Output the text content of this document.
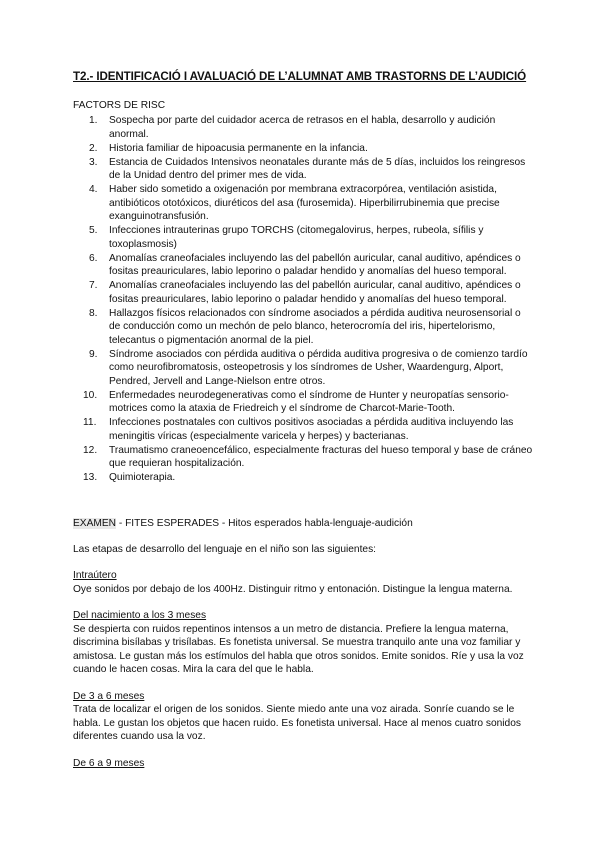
T2.- IDENTIFICACIÓ I AVALUACIÓ DE L’ALUMNAT AMB TRASTORNS DE L’AUDICIÓ
FACTORS DE RISC
1.	Sospecha por parte del cuidador acerca de retrasos en el habla, desarrollo y audición anormal.
2.	Historia familiar de hipoacusia permanente en la infancia.
3.	Estancia de Cuidados Intensivos neonatales durante más de 5 días, incluidos los reingresos de la Unidad dentro del primer mes de vida.
4.	Haber sido sometido a oxigenación por membrana extracorpórea, ventilación asistida, antibióticos ototóxicos, diuréticos del asa (furosemida). Hiperbilirrubinemia que precise exanguinotransfusión.
5.	Infecciones intrauterinas grupo TORCHS (citomegalovirus, herpes, rubeola, sífilis y toxoplasmosis)
6.	Anomalías craneofaciales incluyendo las del pabellón auricular, canal auditivo, apéndices o fositas preauriculares, labio leporino o paladar hendido y anomalías del hueso temporal.
7.	Anomalías craneofaciales incluyendo las del pabellón auricular, canal auditivo, apéndices o fositas preauriculares, labio leporino o paladar hendido y anomalías del hueso temporal.
8.	Hallazgos físicos relacionados con síndrome asociados a pérdida auditiva neurosensorial o de conducción como un mechón de pelo blanco, heterocromía del iris, hipertelorismo, telecantus o pigmentación anormal de la piel.
9.	Síndrome asociados con pérdida auditiva o pérdida auditiva progresiva o de comienzo tardío como neurofibromatosis, osteopetrosis y los síndromes de Usher, Waardengurg, Alport, Pendred, Jervell and Lange-Nielson entre otros.
10.	Enfermedades neurodegenerativas como el síndrome de Hunter y neuropatías sensorio-motrices como la ataxia de Friedreich y el síndrome de Charcot-Marie-Tooth.
11.	Infecciones postnatales con cultivos positivos asociadas a pérdida auditiva incluyendo las meningitis víricas (especialmente varicela y herpes) y bacterianas.
12.	Traumatismo craneoencefálico, especialmente fracturas del hueso temporal y base de cráneo que requieran hospitalización.
13.	Quimioterapia.
EXAMEN - FITES ESPERADES - Hitos esperados habla-lenguaje-audición
Las etapas de desarrollo del lenguaje en el niño son las siguientes:
Intraútero
Oye sonidos por debajo de los 400Hz. Distinguir ritmo y entonación. Distingue la lengua materna.
Del nacimiento a los 3 meses
Se despierta con ruidos repentinos intensos a un metro de distancia. Prefiere la lengua materna, discrimina bisílabas y trisílabas. Es fonetista universal. Se muestra tranquilo ante una voz familiar y amistosa. Le gustan más los estímulos del habla que otros sonidos. Emite sonidos. Ríe y usa la voz cuando le hacen cosas. Mira la cara del que le habla.
De 3 a 6 meses
Trata de localizar el origen de los sonidos. Siente miedo ante una voz airada. Sonríe cuando se le habla. Le gustan los objetos que hacen ruido. Es fonetista universal. Hace al menos cuatro sonidos diferentes cuando usa la voz.
De 6 a 9 meses
